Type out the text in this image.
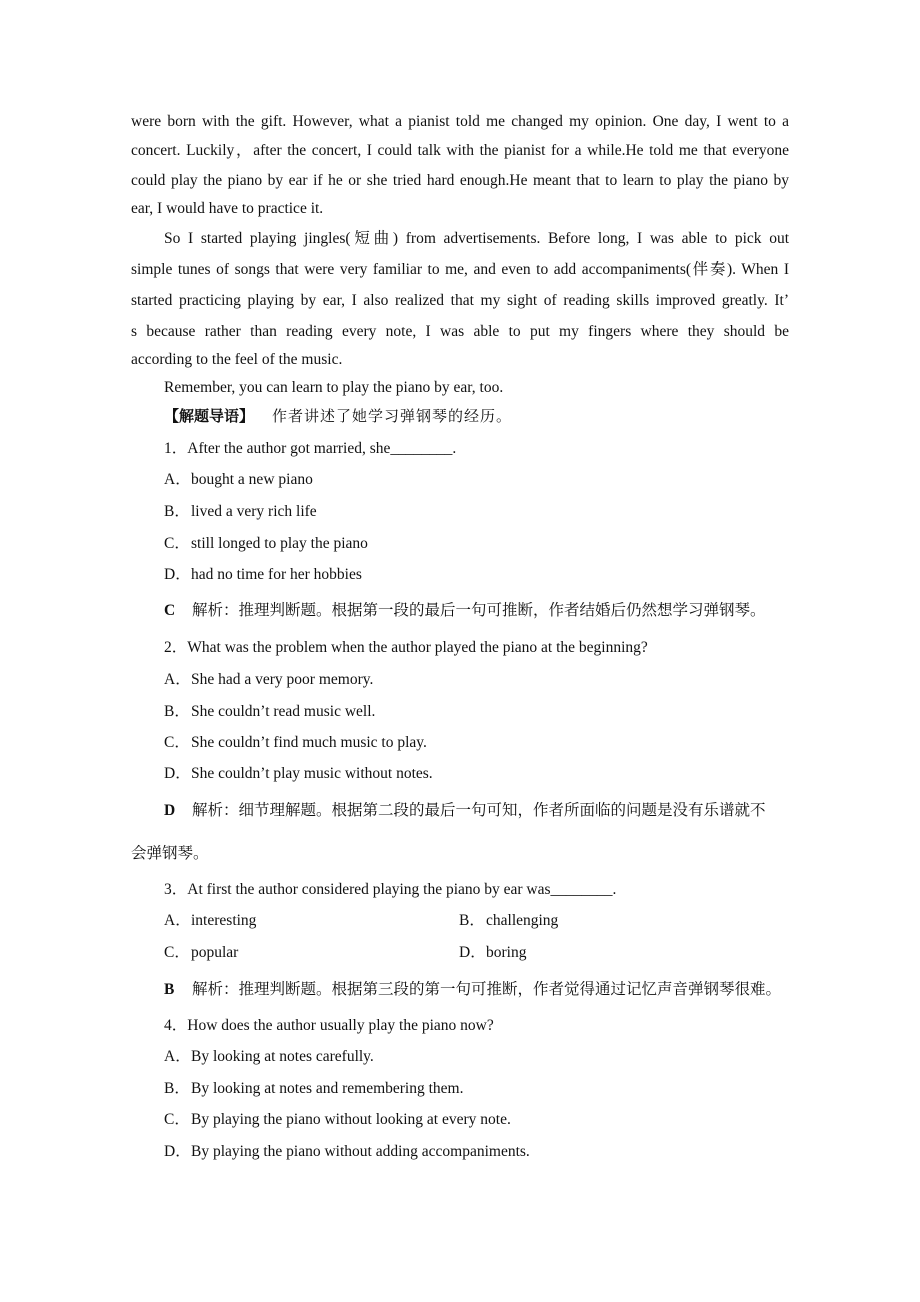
were born with the gift. However, what a pianist told me changed my opinion. One day, I went to a
concert. Luckily，after the concert, I could talk with the pianist for a while.He told me that everyone
could play the piano by ear if he or she tried hard enough.He meant that to learn to play the piano by
ear, I would have to practice it.
So I started playing jingles(短曲) from advertisements. Before long, I was able to pick out
simple tunes of songs that were very familiar to me, and even to add accompaniments(伴奏). When I
started practicing playing by ear, I also realized that my sight of reading skills improved greatly. It’
s because rather than reading every note, I was able to put my fingers where they should be
according to the feel of the music.
Remember, you can learn to play the piano by ear, too.
【解题导语】 作者讲述了她学习弹钢琴的经历。
1．After the author got married, she________.
A．bought a new piano
B．lived a very rich life
C．still longed to play the piano
D．had no time for her hobbies
C 解析：推理判断题。根据第一段的最后一句可推断，作者结婚后仍然想学习弹钢琴。
2．What was the problem when the author played the piano at the beginning?
A．She had a very poor memory.
B．She couldn’t read music well.
C．She couldn’t find much music to play.
D．She couldn’t play music without notes.
D 解析：细节理解题。根据第二段的最后一句可知，作者所面临的问题是没有乐谱就不
会弹钢琴。
3．At first the author considered playing the piano by ear was________.
A．interesting	B．challenging
C．popular	D．boring
B 解析：推理判断题。根据第三段的第一句可推断，作者觉得通过记忆声音弹钢琴很难。
4．How does the author usually play the piano now?
A．By looking at notes carefully.
B．By looking at notes and remembering them.
C．By playing the piano without looking at every note.
D．By playing the piano without adding accompaniments.
